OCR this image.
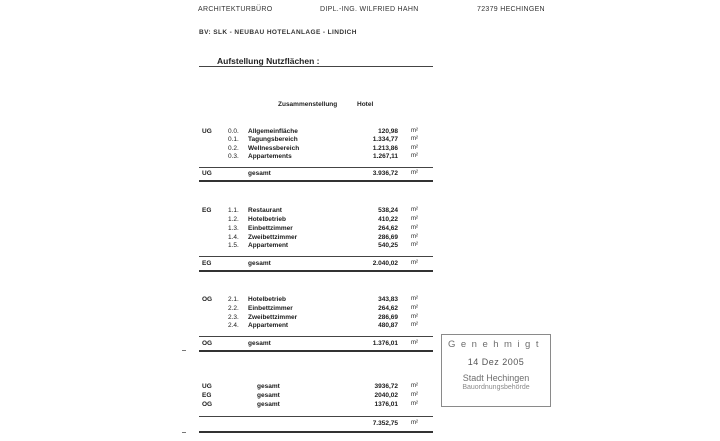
ARCHITEKTURBÜRO	DIPL.-ING. WILFRIED HAHN	72379 HECHINGEN
BV: SLK - NEUBAU HOTELANLAGE - LINDICH
Aufstellung Nutzflächen :
Zusammenstellung	Hotel
UG	0.0. Allgemeinfläche	120,98 m²
0.1. Tagungsbereich	1.334,77 m²
0.2. Wellnessbereich	1.213,86 m²
0.3. Appartements	1.267,11 m²
UG	gesamt	3.936,72 m²
EG	1.1. Restaurant	538,24 m²
1.2. Hotelbetrieb	410,22 m²
1.3. Einbettzimmer	264,62 m²
1.4. Zweibettzimmer	286,69 m²
1.5. Appartement	540,25 m²
EG	gesamt	2.040,02 m²
OG 2.1. Hotelbetrieb	343,83 m²
2.2. Einbettzimmer	264,62 m²
2.3. Zweibettzimmer	286,69 m²
2.4. Appartement	480,87 m²
OG	gesamt	1.376,01 m²
UG	gesamt	3936,72 m²
EG	gesamt	2040,02 m²
OG	gesamt	1376,01 m²
7.352,75 m²
Genehmigt
14 Dez 2005
Stadt Hechingen
Bauordnungsbehörde
